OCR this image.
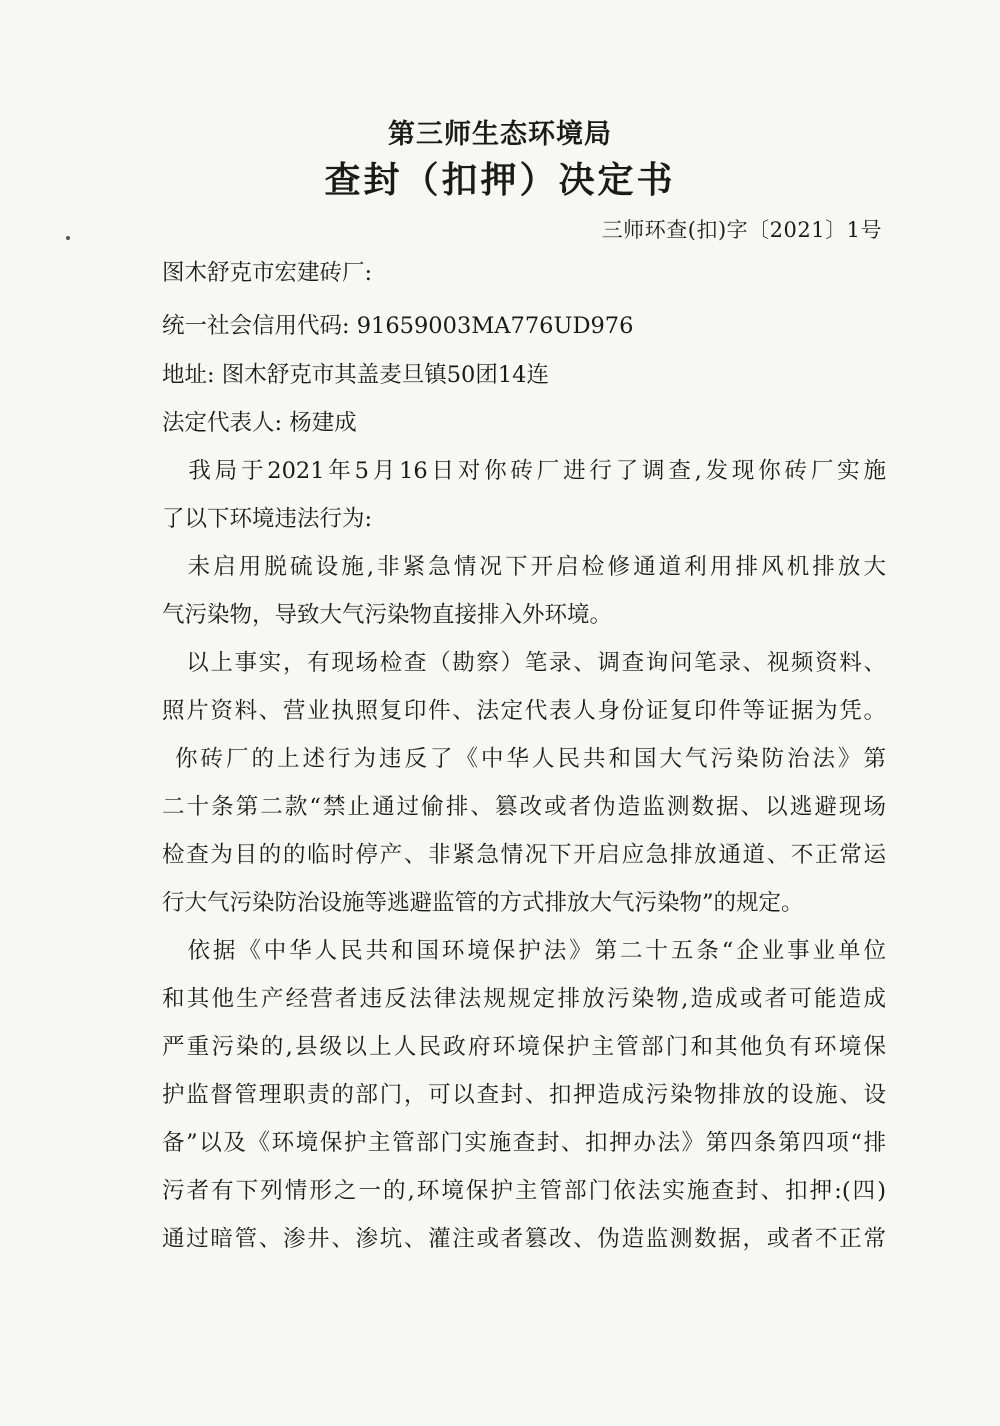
第三师生态环境局
查封（扣押）决定书
三师环查(扣)字〔2021〕1号
图木舒克市宏建砖厂:
统一社会信用代码: 91659003MA776UD976
地址: 图木舒克市其盖麦旦镇50团14连
法定代表人: 杨建成
　我局于2021年5月16日对你砖厂进行了调查,发现你砖厂实施
了以下环境违法行为:
　未启用脱硫设施,非紧急情况下开启检修通道利用排风机排放大
气污染物，导致大气污染物直接排入外环境。
　以上事实，有现场检查（勘察）笔录、调查询问笔录、视频资料、
照片资料、营业执照复印件、法定代表人身份证复印件等证据为凭。
你砖厂的上述行为违反了《中华人民共和国大气污染防治法》第
二十条第二款“禁止通过偷排、篡改或者伪造监测数据、以逃避现场
检查为目的的临时停产、非紧急情况下开启应急排放通道、不正常运
行大气污染防治设施等逃避监管的方式排放大气污染物”的规定。
　依据《中华人民共和国环境保护法》第二十五条“企业事业单位
和其他生产经营者违反法律法规规定排放污染物,造成或者可能造成
严重污染的,县级以上人民政府环境保护主管部门和其他负有环境保
护监督管理职责的部门，可以查封、扣押造成污染物排放的设施、设
备”以及《环境保护主管部门实施查封、扣押办法》第四条第四项“排
污者有下列情形之一的,环境保护主管部门依法实施查封、扣押:(四)
通过暗管、渗井、渗坑、灌注或者篡改、伪造监测数据，或者不正常
